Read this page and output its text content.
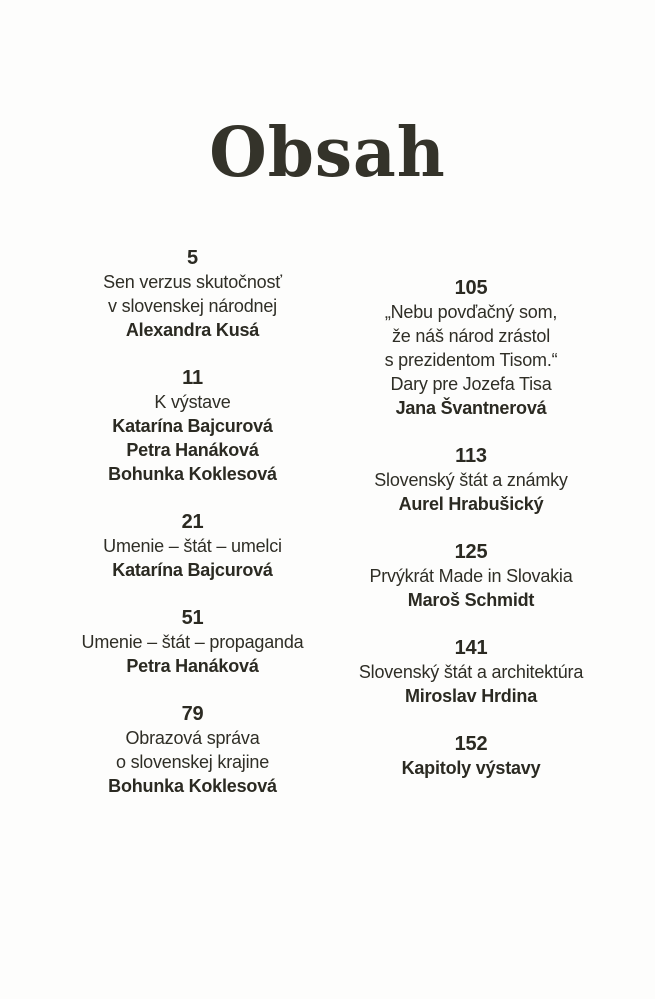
Obsah
5
Sen verzus skutočnosť
v slovenskej národnej
Alexandra Kusá
11
K výstave
Katarína Bajcurová
Petra Hanáková
Bohunka Koklesová
21
Umenie – štát – umelci
Katarína Bajcurová
51
Umenie – štát – propaganda
Petra Hanáková
79
Obrazová správa
o slovenskej krajine
Bohunka Koklesová
105
„Nebu povďačný som,
že náš národ zrástol
s prezidentom Tisom.“
Dary pre Jozefa Tisa
Jana Švantnerová
113
Slovenský štát a známky
Aurel Hrabušický
125
Prvýkrát Made in Slovakia
Maroš Schmidt
141
Slovenský štát a architektúra
Miroslav Hrdina
152
Kapitoly výstavy
